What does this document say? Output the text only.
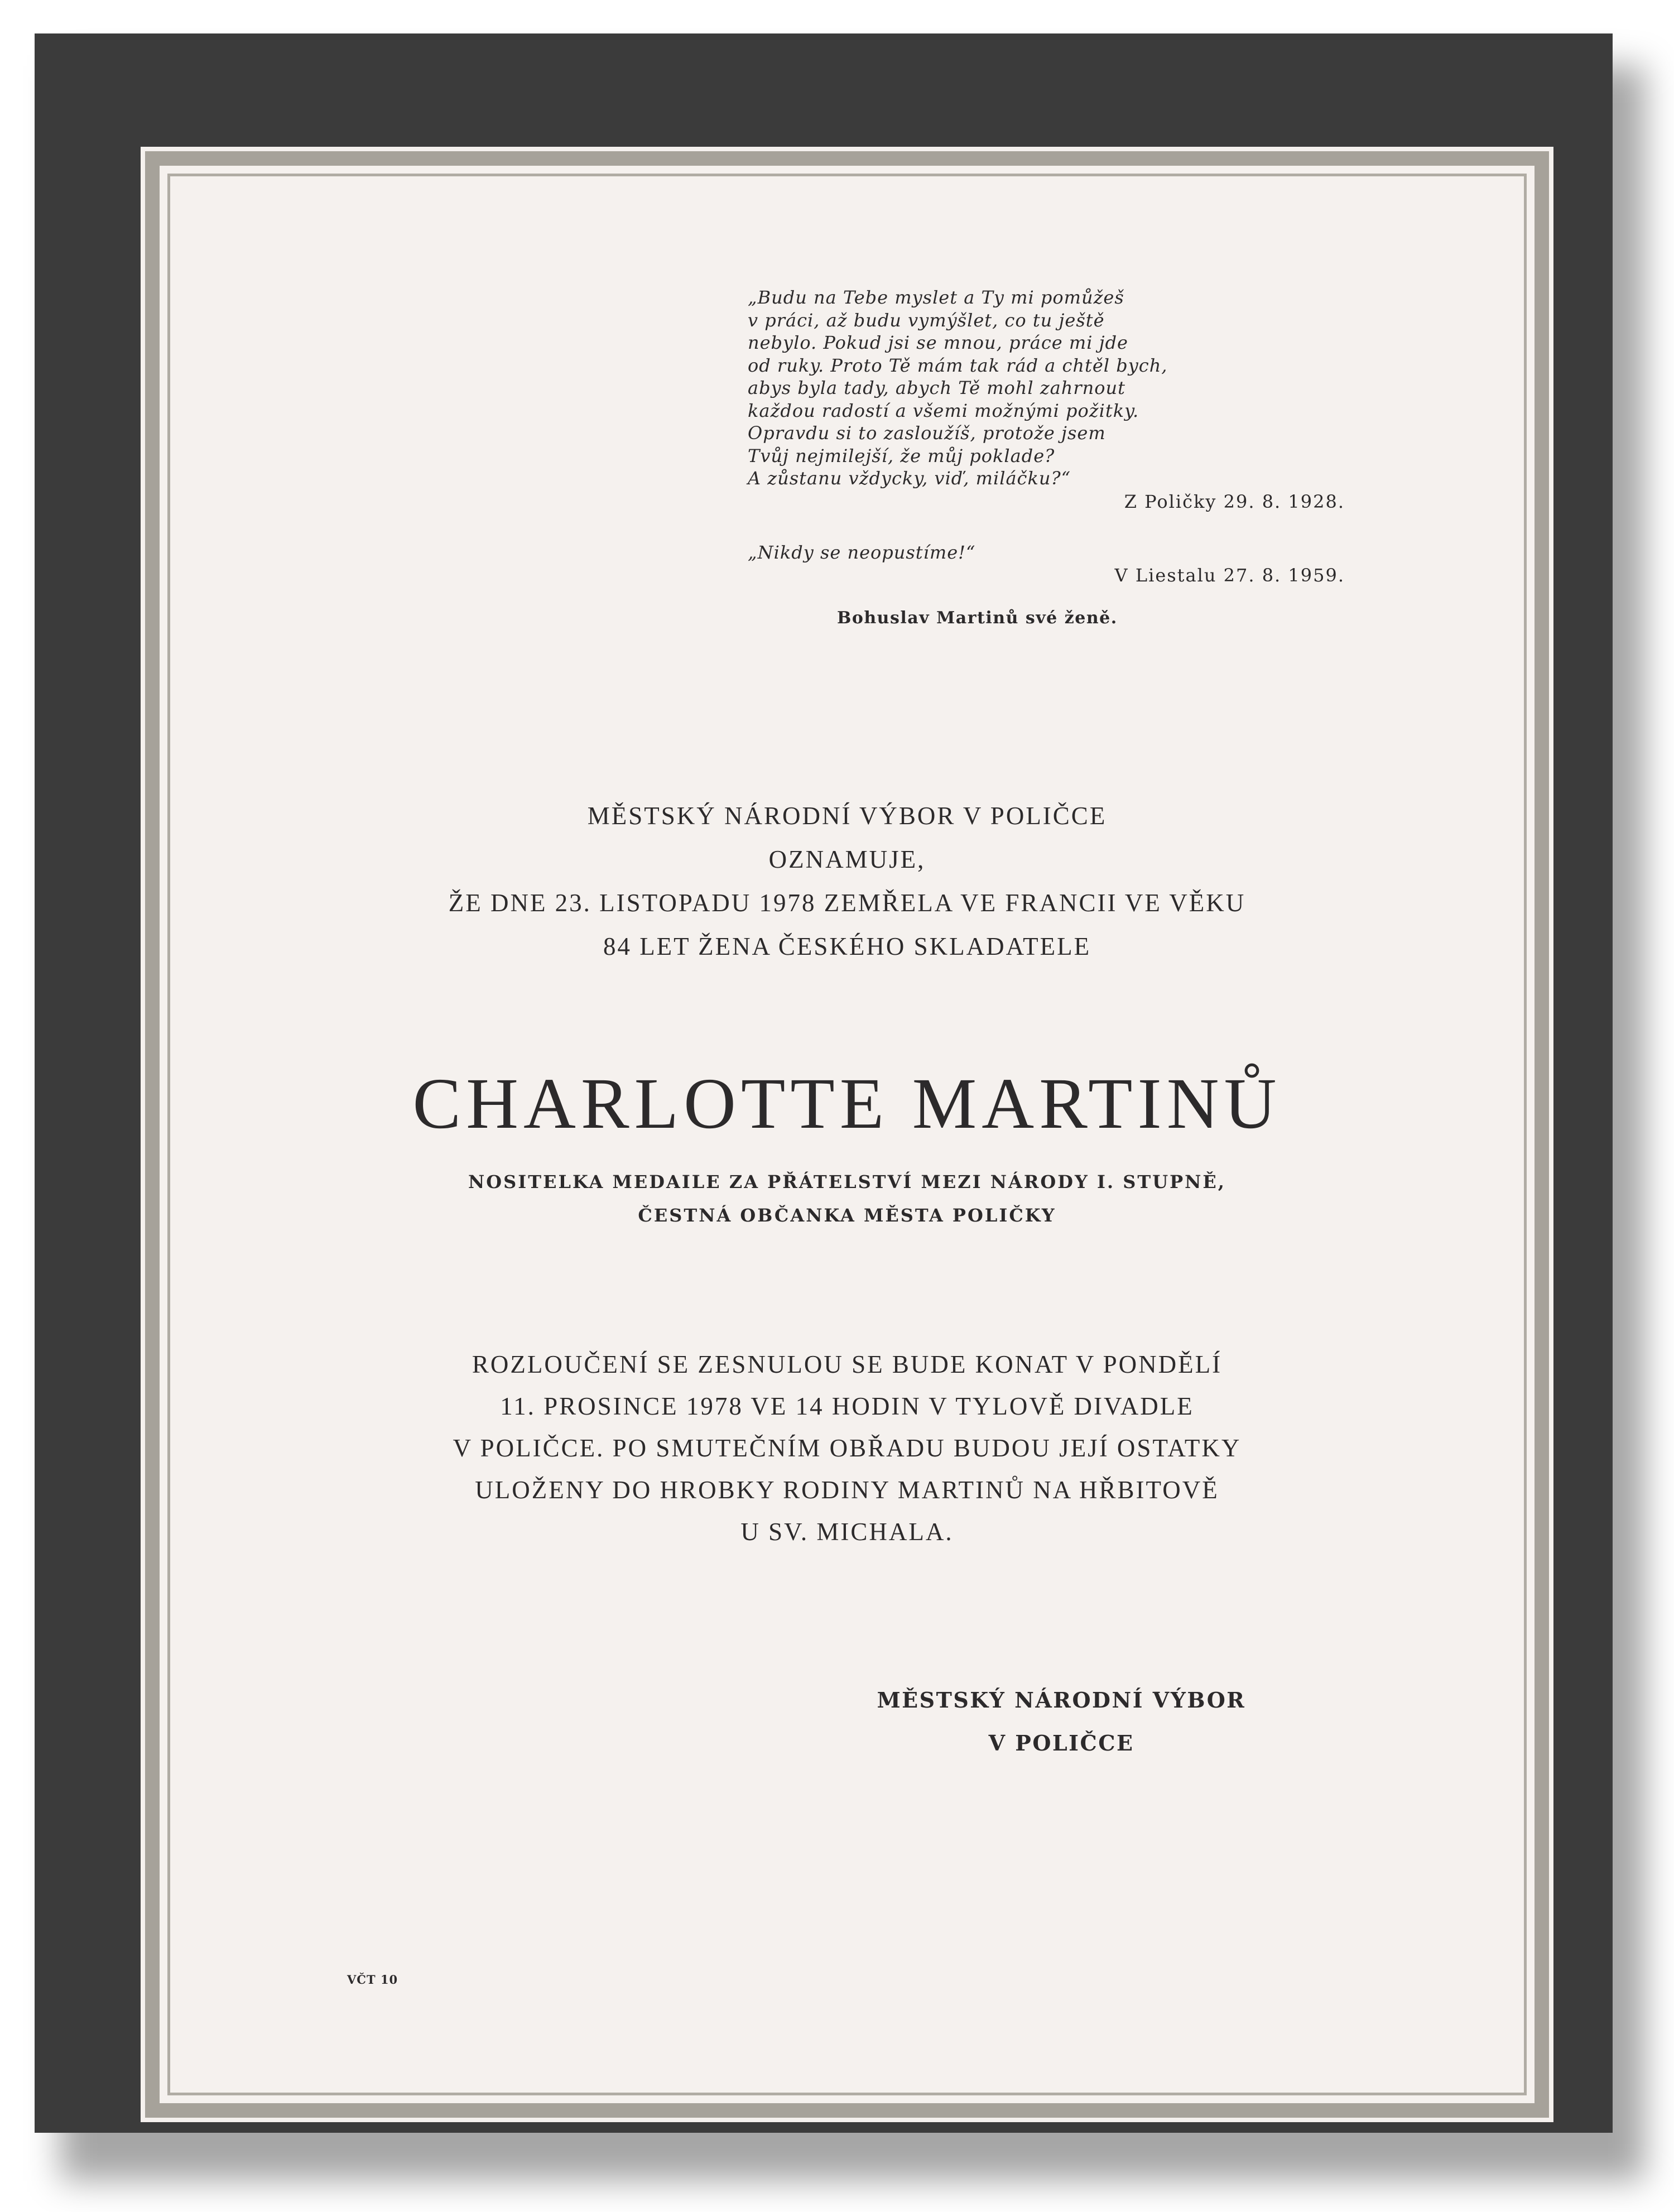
„Budu na Tebe myslet a Ty mi pomůžeš
v práci, až budu vymýšlet, co tu ještě
nebylo. Pokud jsi se mnou, práce mi jde
od ruky. Proto Tě mám tak rád a chtěl bych,
abys byla tady, abych Tě mohl zahrnout
každou radostí a všemi možnými požitky.
Opravdu si to zasloužíš, protože jsem
Tvůj nejmilejší, že můj poklade?
A zůstanu vždycky, viď, miláčku?“
Z Poličky 29. 8. 1928.
„Nikdy se neopustíme!“
V Liestalu 27. 8. 1959.
Bohuslav Martinů své ženě.
MĚSTSKÝ NÁRODNÍ VÝBOR V POLIČCE
OZNAMUJE,
ŽE DNE 23. LISTOPADU 1978 ZEMŘELA VE FRANCII VE VĚKU
84 LET ŽENA ČESKÉHO SKLADATELE
CHARLOTTE MARTINŮ
NOSITELKA MEDAILE ZA PŘÁTELSTVÍ MEZI NÁRODY I. STUPNĚ,
ČESTNÁ OBČANKA MĚSTA POLIČKY
ROZLOUČENÍ SE ZESNULOU SE BUDE KONAT V PONDĚLÍ
11. PROSINCE 1978 VE 14 HODIN V TYLOVĚ DIVADLE
V POLIČCE. PO SMUTEČNÍM OBŘADU BUDOU JEJÍ OSTATKY
ULOŽENY DO HROBKY RODINY MARTINŮ NA HŘBITOVĚ
U SV. MICHALA.
MĚSTSKÝ NÁRODNÍ VÝBOR
V POLIČCE
VČT 10
